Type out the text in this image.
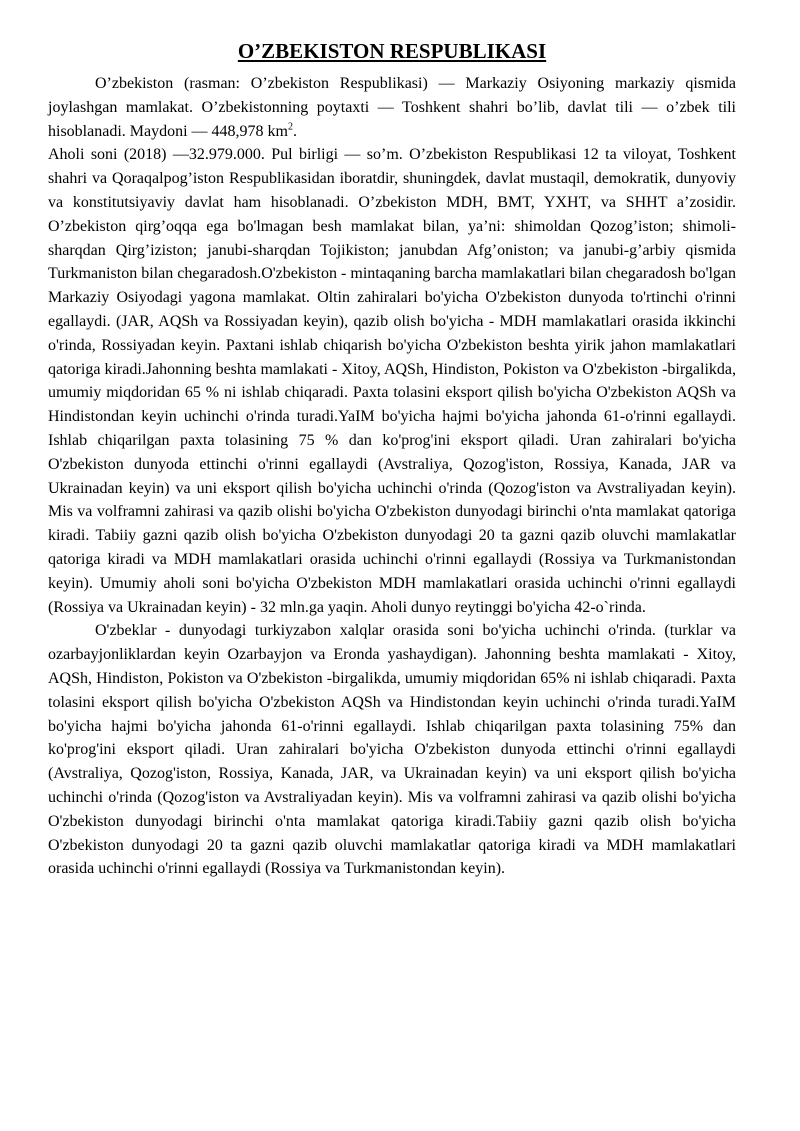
O’ZBEKISTON RESPUBLIKASI

O’zbekiston (rasman: O’zbekiston Respublikasi) — Markaziy Osiyoning markaziy qismida joylashgan mamlakat. O’zbekistonning poytaxti — Toshkent shahri bo’lib, davlat tili — o’zbek tili hisoblanadi. Maydoni — 448,978 $km^2$.

Aholi soni (2018) —32.979.000. Pul birligi — so’m. O’zbekiston Respublikasi 12 ta viloyat, Toshkent shahri va Qoraqalpog’iston Respublikasidan iboratdir, shuningdek, davlat mustaqil, demokratik, dunyoviy va konstitutsiyaviy davlat ham hisoblanadi. O’zbekiston MDH, BMT, YXHT, va SHHT a’zosidir. O’zbekiston qirg’oqqa ega bo'lmagan besh mamlakat bilan, ya’ni: shimoldan Qozog’iston; shimoli-sharqdan Qirg’iziston; janubi-sharqdan Tojikiston; janubdan Afg’oniston; va janubi-g’arbiy qismida Turkmaniston bilan chegaradosh.O'zbekiston - mintaqaning barcha mamlakatlari bilan chegaradosh bo'lgan Markaziy Osiyodagi yagona mamlakat. Oltin zahiralari bo'yicha O'zbekiston dunyoda to'rtinchi o'rinni egallaydi. (JAR, AQSh va Rossiyadan keyin), qazib olish bo'yicha - MDH mamlakatlari orasida ikkinchi o'rinda, Rossiyadan keyin. Paxtani ishlab chiqarish bo'yicha O'zbekiston beshta yirik jahon mamlakatlari qatoriga kiradi.Jahonning beshta mamlakati - Xitoy, AQSh, Hindiston, Pokiston va O'zbekiston -birgalikda, umumiy miqdoridan 65 % ni ishlab chiqaradi. Paxta tolasini eksport qilish bo'yicha O'zbekiston AQSh va Hindistondan keyin uchinchi o'rinda turadi.YaIM bo'yicha hajmi bo'yicha jahonda 61-o'rinni egallaydi. Ishlab chiqarilgan paxta tolasining 75 % dan ko'prog'ini eksport qiladi. Uran zahiralari bo'yicha O'zbekiston dunyoda ettinchi o'rinni egallaydi (Avstraliya, Qozog'iston, Rossiya, Kanada, JAR va Ukrainadan keyin) va uni eksport qilish bo'yicha uchinchi o'rinda (Qozog'iston va Avstraliyadan keyin). Mis va volframni zahirasi va qazib olishi bo'yicha O'zbekiston dunyodagi birinchi o'nta mamlakat qatoriga kiradi. Tabiiy gazni qazib olish bo'yicha O'zbekiston dunyodagi 20 ta gazni qazib oluvchi mamlakatlar qatoriga kiradi va MDH mamlakatlari orasida uchinchi o'rinni egallaydi (Rossiya va Turkmanistondan keyin). Umumiy aholi soni bo'yicha O'zbekiston MDH mamlakatlari orasida uchinchi o'rinni egallaydi (Rossiya va Ukrainadan keyin) - 32 mln.ga yaqin. Aholi dunyo reytinggi bo'yicha 42-o`rinda.

O'zbeklar - dunyodagi turkiyzabon xalqlar orasida soni bo'yicha uchinchi o'rinda. (turklar va ozarbayjonliklardan keyin Ozarbayjon va Eronda yashaydigan). Jahonning beshta mamlakati - Xitoy, AQSh, Hindiston, Pokiston va O'zbekiston -birgalikda, umumiy miqdoridan 65% ni ishlab chiqaradi. Paxta tolasini eksport qilish bo'yicha O'zbekiston AQSh va Hindistondan keyin uchinchi o'rinda turadi.YaIM bo'yicha hajmi bo'yicha jahonda 61-o'rinni egallaydi. Ishlab chiqarilgan paxta tolasining 75% dan ko'prog'ini eksport qiladi. Uran zahiralari bo'yicha O'zbekiston dunyoda ettinchi o'rinni egallaydi (Avstraliya, Qozog'iston, Rossiya, Kanada, JAR, va Ukrainadan keyin) va uni eksport qilish bo'yicha uchinchi o'rinda (Qozog'iston va Avstraliyadan keyin). Mis va volframni zahirasi va qazib olishi bo'yicha O'zbekiston dunyodagi birinchi o'nta mamlakat qatoriga kiradi.Tabiiy gazni qazib olish bo'yicha O'zbekiston dunyodagi 20 ta gazni qazib oluvchi mamlakatlar qatoriga kiradi va MDH mamlakatlari orasida uchinchi o'rinni egallaydi (Rossiya va Turkmanistondan keyin).
